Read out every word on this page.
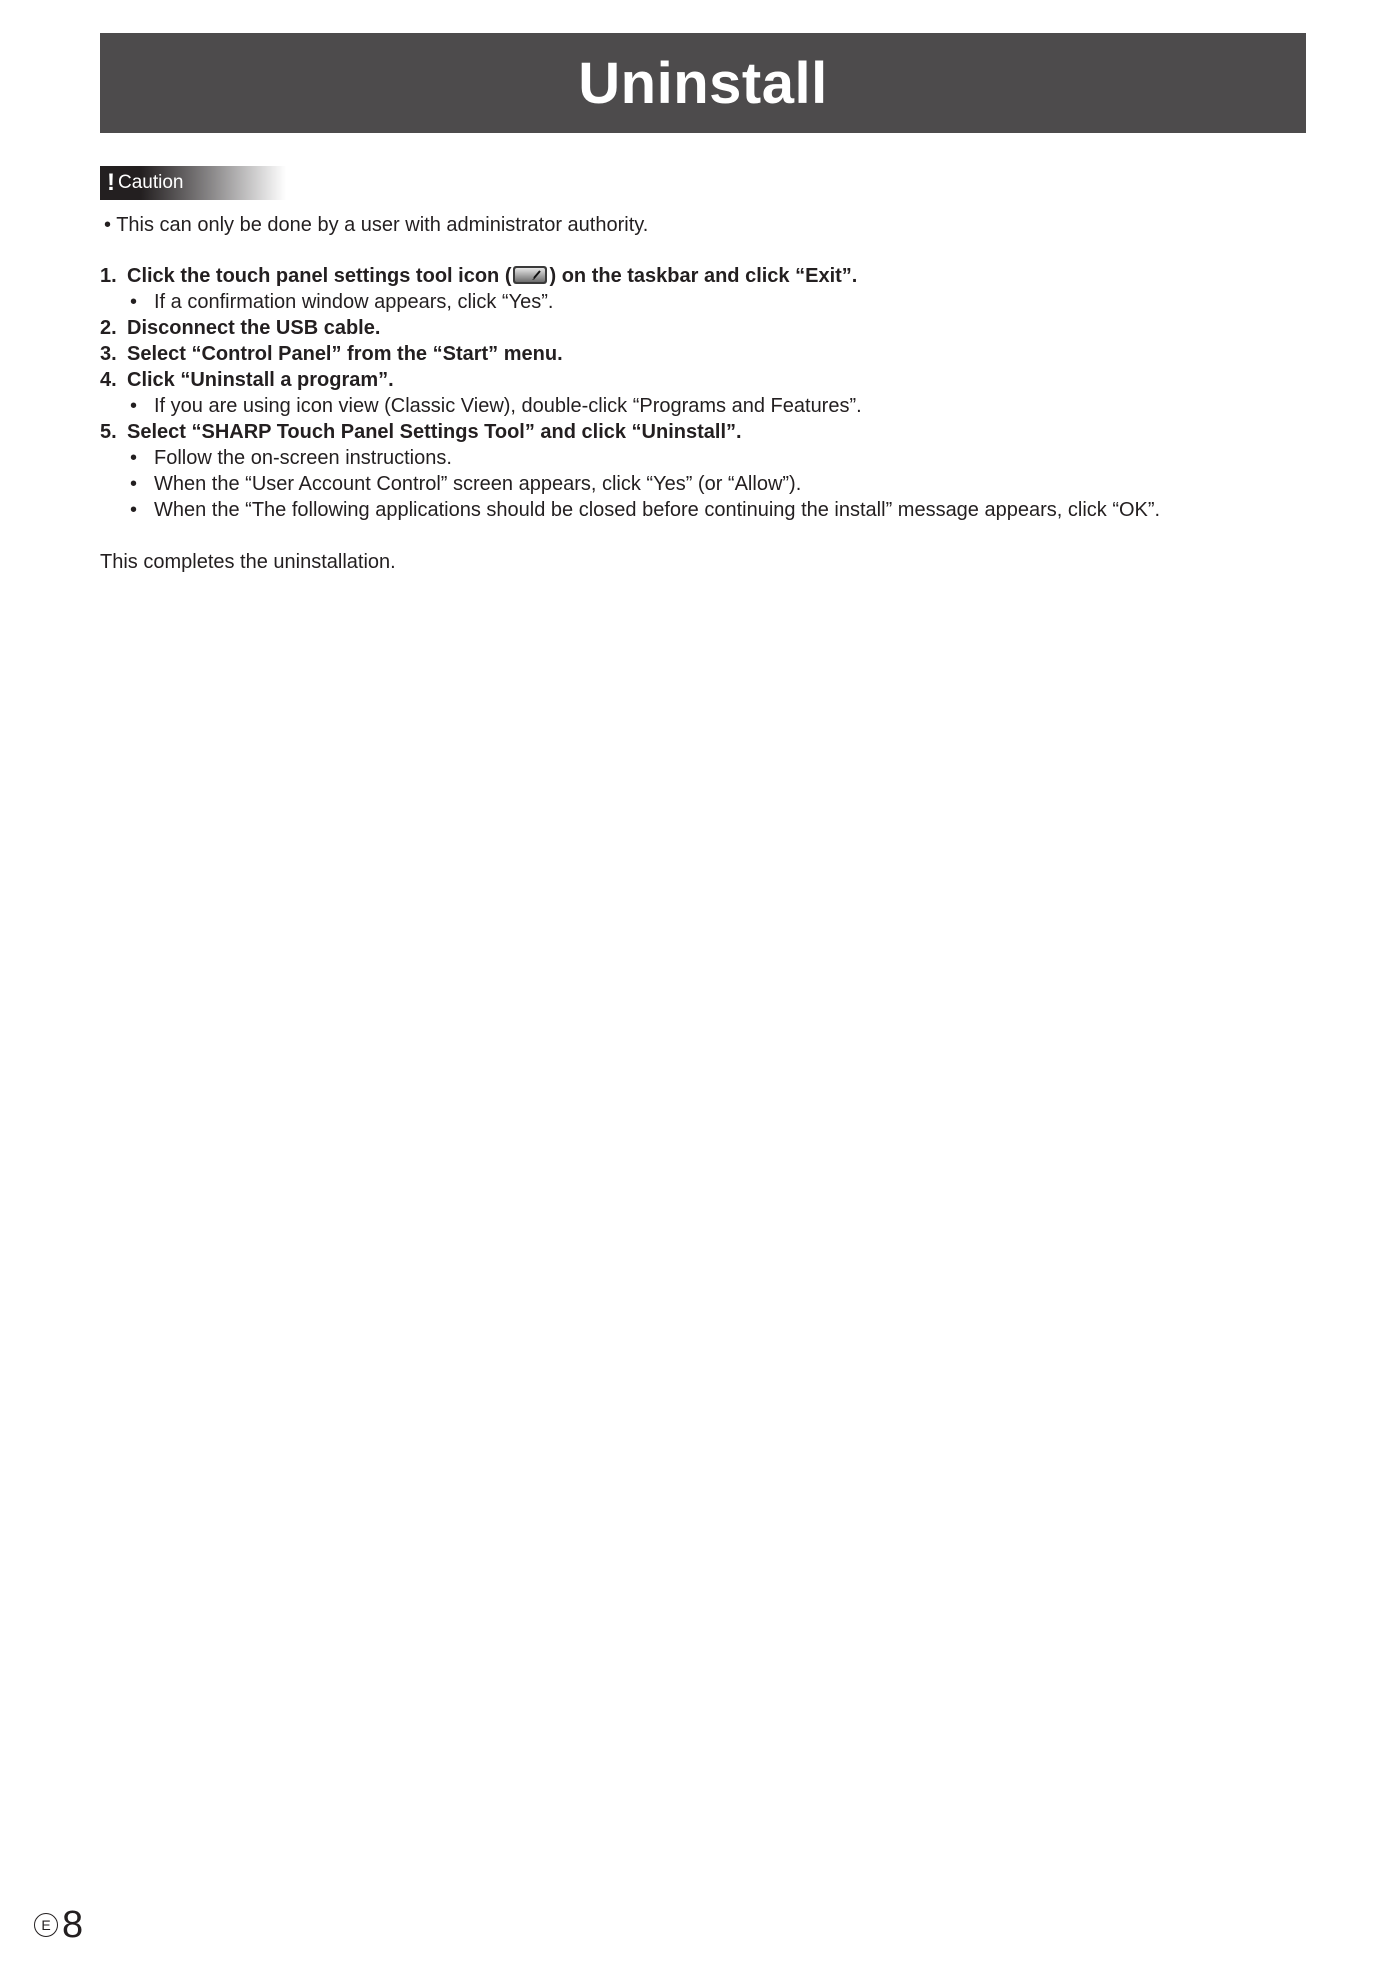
Uninstall
! Caution
• This can only be done by a user with administrator authority.
1. Click the touch panel settings tool icon ( ) on the taskbar and click “Exit”.
• If a confirmation window appears, click “Yes”.
2. Disconnect the USB cable.
3. Select “Control Panel” from the “Start” menu.
4. Click “Uninstall a program”.
• If you are using icon view (Classic View), double-click “Programs and Features”.
5. Select “SHARP Touch Panel Settings Tool” and click “Uninstall”.
• Follow the on-screen instructions.
• When the “User Account Control” screen appears, click “Yes” (or “Allow”).
• When the “The following applications should be closed before continuing the install” message appears, click “OK”.
This completes the uninstallation.
E 8
